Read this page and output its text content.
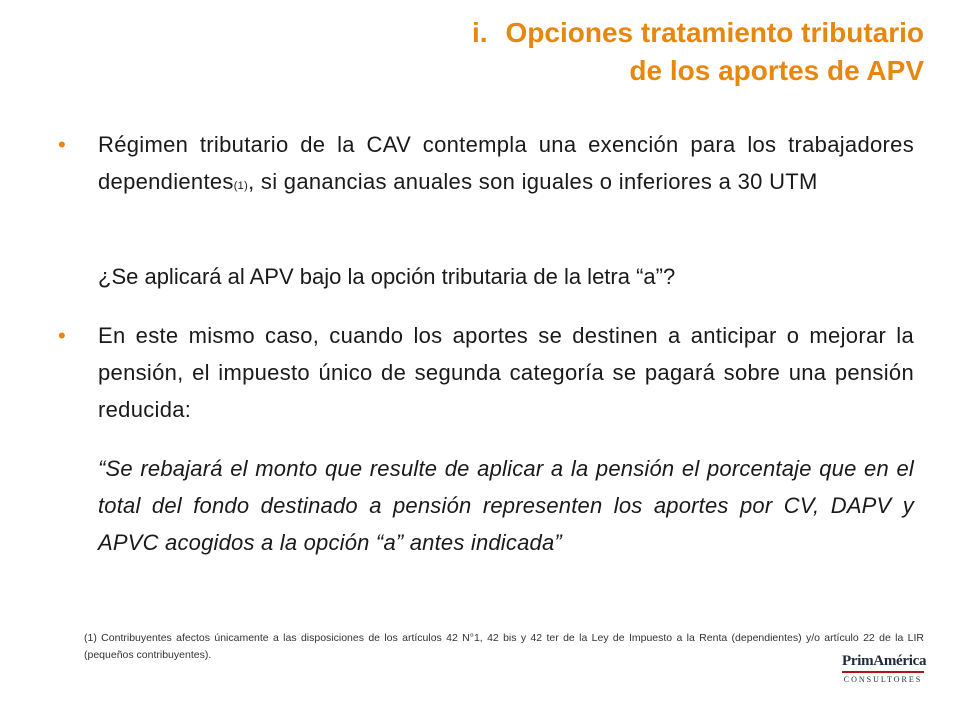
i. Opciones tratamiento tributario
de los aportes de APV
• Régimen tributario de la CAV contempla una exención para los trabajadores dependientes(1), si ganancias anuales son iguales o inferiores a 30 UTM
¿Se aplicará al APV bajo la opción tributaria de la letra “a”?
• En este mismo caso, cuando los aportes se destinen a anticipar o mejorar la pensión, el impuesto único de segunda categoría se pagará sobre una pensión reducida:
“Se rebajará el monto que resulte de aplicar a la pensión el porcentaje que en el total del fondo destinado a pensión representen los aportes por CV, DAPV y APVC acogidos a la opción “a” antes indicada”
(1) Contribuyentes afectos únicamente a las disposiciones de los artículos 42 N°1, 42 bis y 42 ter de la Ley de Impuesto a la Renta (dependientes) y/o artículo 22 de la LIR (pequeños contribuyentes).	PrimAmérica
CONSULTORES
